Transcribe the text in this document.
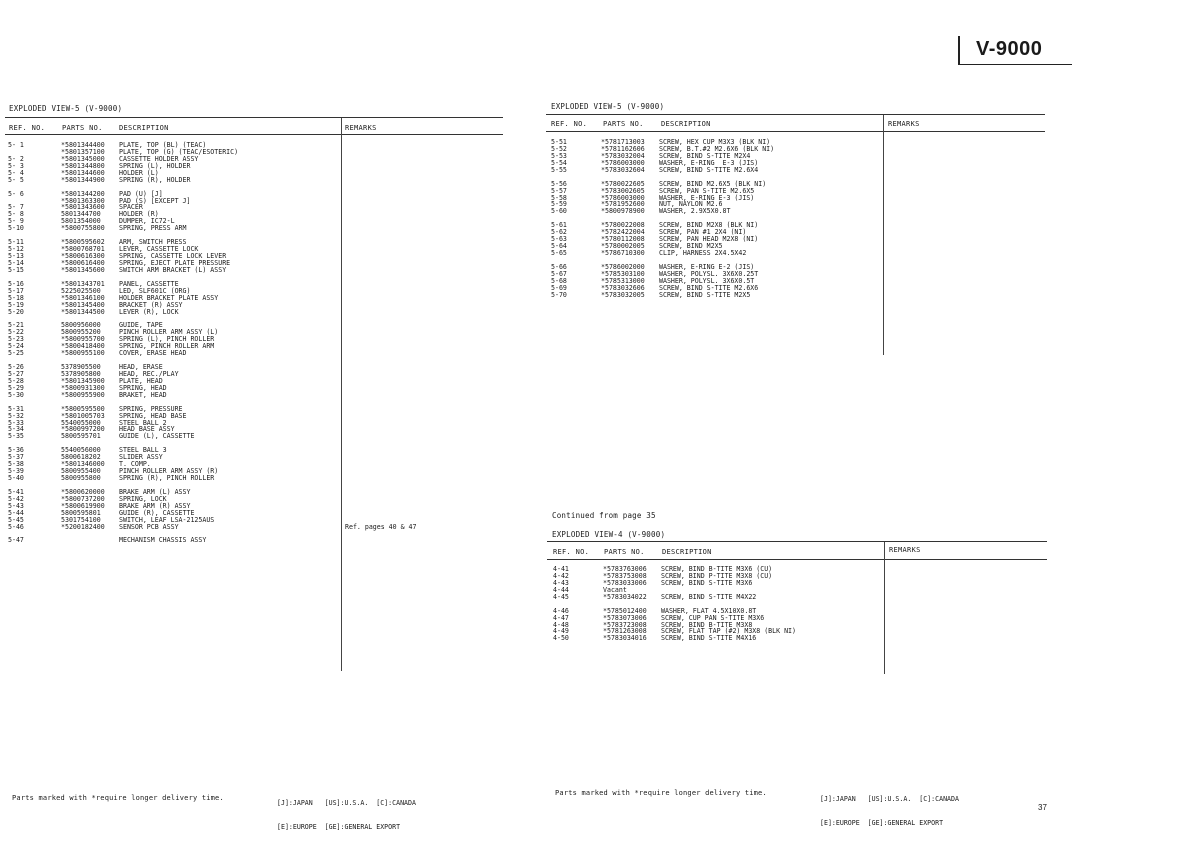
V-9000
EXPLODED VIEW-5 (V-9000)
REF. NO. PARTS NO. DESCRIPTION	REMARKS
5- 1	*5801344400 PLATE, TOP (BL) (TEAC)
*5801357100 PLATE, TOP (G) (TEAC/ESOTERIC)
5- 2	*5801345000 CASSETTE HOLDER ASSY
5- 3	*5801344800 SPRING (L), HOLDER
5- 4	*5801344600 HOLDER (L)
5- 5	*5801344900 SPRING (R), HOLDER
5- 6	*5801344200 PAD (U) [J]
*5801363300 PAD (S) [EXCEPT J]
5- 7	*5801343600 SPACER
5- 8	5801344700	HOLDER (R)
5- 9	5801354000	DUMPER, IC72-L
5-10	*5800755800 SPRING, PRESS ARM
5-11	*5800595602 ARM, SWITCH PRESS
5-12	*5800768701 LEVER, CASSETTE LOCK
5-13	*5800616300 SPRING, CASSETTE LOCK LEVER
5-14	*5800616400 SPRING, EJECT PLATE PRESSURE
5-15	*5801345600 SWITCH ARM BRACKET (L) ASSY
5-16	*5801343701 PANEL, CASSETTE
5-17	5225025500	LED, SLF601C (ORG)
5-18	*5801346100 HOLDER BRACKET PLATE ASSY
5-19	*5801345400 BRACKET (R) ASSY
5-20	*5801344500 LEVER (R), LOCK
5-21	5800956000	GUIDE, TAPE
5-22	5800955200	PINCH ROLLER ARM ASSY (L)
5-23	*5800955700 SPRING (L), PINCH ROLLER
5-24	*5800418400 SPRING, PINCH ROLLER ARM
5-25	*5800955100 COVER, ERASE HEAD
5-26	5378905500	HEAD, ERASE
5-27	5378905800	HEAD, REC./PLAY
5-28	*5801345900 PLATE, HEAD
5-29	*5800931300 SPRING, HEAD
5-30	*5800955900 BRAKET, HEAD
5-31	*5800595500 SPRING, PRESSURE
5-32	*5801005703 SPRING, HEAD BASE
5-33	5540055000	STEEL BALL 2
5-34	*5800997200 HEAD BASE ASSY
5-35	5800595701	GUIDE (L), CASSETTE
5-36	5540056000	STEEL BALL 3
5-37	5800618202	SLIDER ASSY
5-38	*5801346000 T. COMP.
5-39	5800955400	PINCH ROLLER ARM ASSY (R)
5-40	5800955800	SPRING (R), PINCH ROLLER
5-41	*5800620000 BRAKE ARM (L) ASSY
5-42	*5800737200 SPRING, LOCK
5-43	*5800619900 BRAKE ARM (R) ASSY
5-44	5800595801	GUIDE (R), CASSETTE
5-45	5301754100	SWITCH, LEAF LSA-2125AUS
5-46	*5200182400 SENSOR PCB ASSY	Ref. pages 40 & 47
5-47	MECHANISM CHASSIS ASSY
Parts marked with *require longer delivery time.

[J]:JAPAN   [US]:U.S.A.  [C]:CANADA

[E]:EUROPE  [GE]:GENERAL EXPORT

EXPLODED VIEW-5 (V-9000)
REF. NO. PARTS NO. DESCRIPTION	REMARKS
5-51	*5781713003 SCREW, HEX CUP M3X3 (BLK NI)
5-52	*5781162606 SCREW, B.T.#2 M2.6X6 (BLK NI)
5-53	*5783032004 SCREW, BIND S-TITE M2X4
5-54	*5786003000 WASHER, E-RING  E-3 (JIS)
5-55	*5783032604 SCREW, BIND S-TITE M2.6X4
5-56	*5780022605 SCREW, BIND M2.6X5 (BLK NI)
5-57	*5783002605 SCREW, PAN S-TITE M2.6X5
5-58	*5786003000 WASHER, E-RING E-3 (JIS)
5-59	*5781952600 NUT, NAYLON M2.6
5-60	*5800978900 WASHER, 2.9X5X0.8T
5-61	*5780022008 SCREW, BIND M2X8 (BLK NI)
5-62	*5782422004 SCREW, PAN #1 2X4 (NI)
5-63	*5780112008 SCREW, PAN HEAD M2X8 (NI)
5-64	*5780002005 SCREW, BIND M2X5
5-65	*5786710300 CLIP, HARNESS 2X4.5X42
5-66	*5786002000 WASHER, E-RING E-2 (JIS)
5-67	*5785303100 WASHER, POLYSL. 3X6X0.25T
5-68	*5785313000 WASHER, POLYSL. 3X6X0.5T
5-69	*5783032606 SCREW, BIND S-TITE M2.6X6
5-70	*5783032005 SCREW, BIND S-TITE M2X5
Continued from page 35
EXPLODED VIEW-4 (V-9000)
REF. NO. PARTS NO. DESCRIPTION	REMARKS
4-41	*5783763006 SCREW, BIND B-TITE M3X6 (CU)
4-42	*5783753008 SCREW, BIND P-TITE M3X8 (CU)
4-43	*5783033006 SCREW, BIND S-TITE M3X6
4-44	Vacant
4-45	*5783034022 SCREW, BIND S-TITE M4X22
4-46	*5785012400 WASHER, FLAT 4.5X10X0.8T
4-47	*5783073006 SCREW, CUP PAN S-TITE M3X6
4-48	*5783723008 SCREW, BIND B-TITE M3X8
4-49	*5781263008 SCREW, FLAT TAP (#2) M3X8 (BLK NI)
4-50	*5783034016 SCREW, BIND S-TITE M4X16
Parts marked with *require longer delivery time.

[J]:JAPAN   [US]:U.S.A.  [C]:CANADA

[E]:EUROPE  [GE]:GENERAL EXPORT

37
